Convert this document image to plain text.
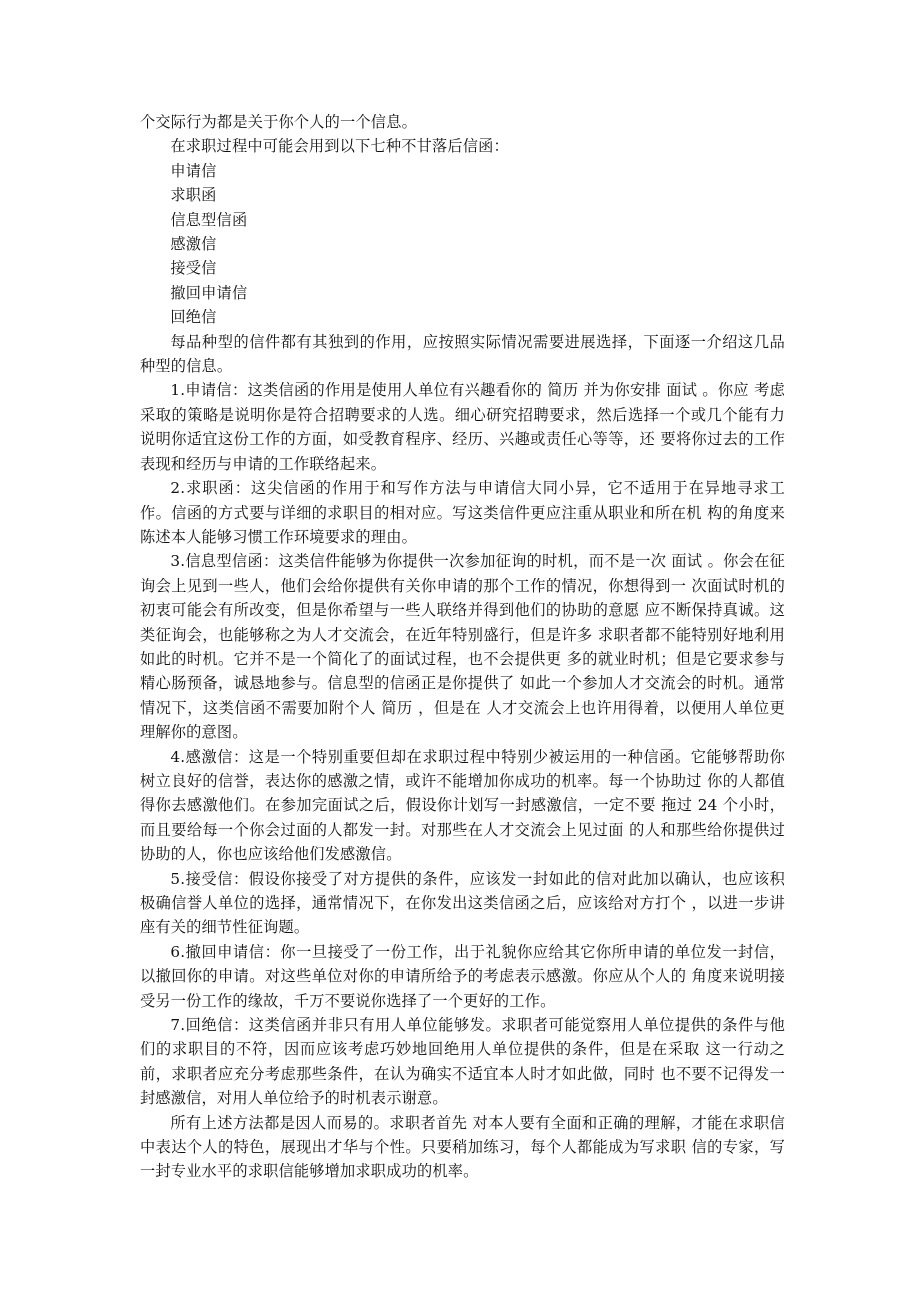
个交际行为都是关于你个人的一个信息。

在求职过程中可能会用到以下七种不甘落后信函：

申请信

求职函

信息型信函

感激信

接受信

撤回申请信

回绝信

每品种型的信件都有其独到的作用，应按照实际情况需要进展选择，下面逐一介绍这几品种型的信息。

1.申请信：这类信函的作用是使用人单位有兴趣看你的 简历 并为你安排 面试 。你应 考虑采取的策略是说明你是符合招聘要求的人选。细心研究招聘要求，然后选择一个或几个能有力说明你适宜这份工作的方面，如受教育程序、经历、兴趣或责任心等等，还 要将你过去的工作表现和经历与申请的工作联络起来。

2.求职函：这尖信函的作用于和写作方法与申请信大同小异，它不适用于在异地寻求工作。信函的方式要与详细的求职目的相对应。写这类信件更应注重从职业和所在机 构的角度来陈述本人能够习惯工作环境要求的理由。

3.信息型信函：这类信件能够为你提供一次参加征询的时机，而不是一次 面试 。你会在征询会上见到一些人，他们会给你提供有关你申请的那个工作的情况，你想得到一 次面试时机的初衷可能会有所改变，但是你希望与一些人联络并得到他们的协助的意愿 应不断保持真诚。这类征询会，也能够称之为人才交流会，在近年特别盛行，但是许多 求职者都不能特别好地利用如此的时机。它并不是一个简化了的面试过程，也不会提供更 多的就业时机；但是它要求参与精心肠预备，诚恳地参与。信息型的信函正是你提供了 如此一个参加人才交流会的时机。通常情况下，这类信函不需要加附个人 简历 ，但是在 人才交流会上也许用得着，以便用人单位更理解你的意图。

4.感激信：这是一个特别重要但却在求职过程中特别少被运用的一种信函。它能够帮助你树立良好的信誉，表达你的感激之情，或许不能增加你成功的机率。每一个协助过 你的人都值得你去感激他们。在参加完面试之后，假设你计划写一封感激信，一定不要 拖过 24 个小时，而且要给每一个你会过面的人都发一封。对那些在人才交流会上见过面 的人和那些给你提供过协助的人，你也应该给他们发感激信。

5.接受信：假设你接受了对方提供的条件，应该发一封如此的信对此加以确认，也应该积极确信誉人单位的选择，通常情况下，在你发出这类信函之后，应该给对方打个 ，以进一步讲座有关的细节性征询题。

6.撤回申请信：你一旦接受了一份工作，出于礼貌你应给其它你所申请的单位发一封信，以撤回你的申请。对这些单位对你的申请所给予的考虑表示感激。你应从个人的 角度来说明接受另一份工作的缘故，千万不要说你选择了一个更好的工作。

7.回绝信：这类信函并非只有用人单位能够发。求职者可能觉察用人单位提供的条件与他们的求职目的不符，因而应该考虑巧妙地回绝用人单位提供的条件，但是在采取 这一行动之前，求职者应充分考虑那些条件，在认为确实不适宜本人时才如此做，同时 也不要不记得发一封感激信，对用人单位给予的时机表示谢意。

所有上述方法都是因人而易的。求职者首先 对本人要有全面和正确的理解，才能在求职信中表达个人的特色，展现出才华与个性。只要稍加练习，每个人都能成为写求职 信的专家，写一封专业水平的求职信能够增加求职成功的机率。
